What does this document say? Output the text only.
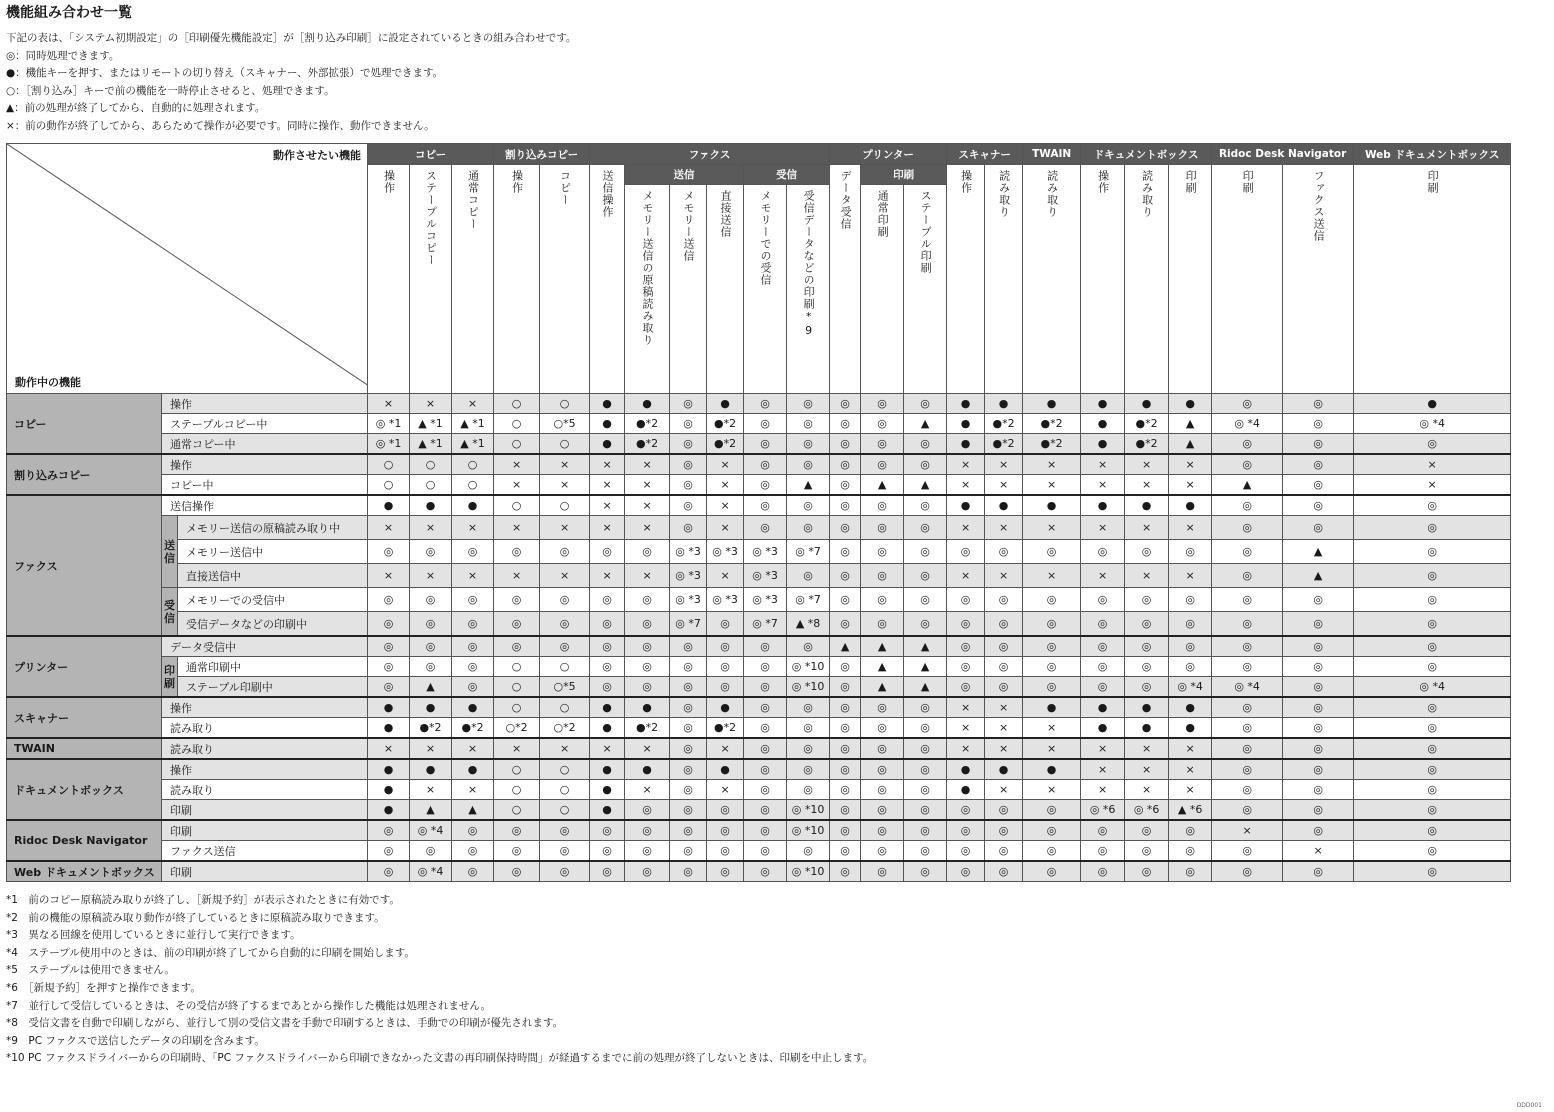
機能組み合わせ一覧
下記の表は、「システム初期設定」の［印刷優先機能設定］が［割り込み印刷］に設定されているときの組み合わせです。
◎：同時処理できます。
●：機能キーを押す、またはリモートの切り替え（スキャナー、外部拡張）で処理できます。
○：［割り込み］キーで前の機能を一時停止させると、処理できます。
▲：前の処理が終了してから、自動的に処理されます。
×：前の動作が終了してから、あらためて操作が必要です。同時に操作、動作できません。
動作させたい機能
動作中の機能			コピー			割り込みコピー		ファクス						プリンター			スキャナー		TWAIN	ドキュメントボックス			Ridoc Desk Navigator		Web ドキュメントボックス
			操作	ステープルコピー	通常コピー	操作	コピー	送信操作	送信			受信		データ受信	印刷		操作	読み取り	読み取り	操作	読み取り	印刷	印刷	ファクス送信	印刷
									メモリー送信の原稿読み取り	メモリー送信	直接送信	メモリーでの受信	受信データなどの印刷*9		通常印刷	ステープル印刷									
コピー	操作		×	×	×	○	○	●	●	◎	●	◎	◎	◎	◎	◎	●	●	●	●	●	●	◎	◎	●
	ステープルコピー中		◎ *1	▲ *1	▲ *1	○	○*5	●	●*2	◎	●*2	◎	◎	◎	◎	▲	●	●*2	●*2	●	●*2	▲	◎ *4	◎	◎ *4
	通常コピー中		◎ *1	▲ *1	▲ *1	○	○	●	●*2	◎	●*2	◎	◎	◎	◎	◎	●	●*2	●*2	●	●*2	▲	◎	◎	◎
割り込みコピー	操作		○	○	○	×	×	×	×	◎	×	◎	◎	◎	◎	◎	×	×	×	×	×	×	◎	◎	×
	コピー中		○	○	○	×	×	×	×	◎	×	◎	▲	◎	▲	▲	×	×	×	×	×	×	▲	◎	×
ファクス	送信操作		●	●	●	○	○	×	×	◎	×	◎	◎	◎	◎	◎	●	●	●	●	●	●	◎	◎	◎
	送信	メモリー送信の原稿読み取り中	×	×	×	×	×	×	×	◎	×	◎	◎	◎	◎	◎	×	×	×	×	×	×	◎	◎	◎
		メモリー送信中	◎	◎	◎	◎	◎	◎	◎	◎ *3	◎ *3	◎ *3	◎ *7	◎	◎	◎	◎	◎	◎	◎	◎	◎	◎	▲	◎
		直接送信中	×	×	×	×	×	×	×	◎ *3	×	◎ *3	◎	◎	◎	◎	×	×	×	×	×	×	◎	▲	◎
	受信	メモリーでの受信中	◎	◎	◎	◎	◎	◎	◎	◎ *3	◎ *3	◎ *3	◎ *7	◎	◎	◎	◎	◎	◎	◎	◎	◎	◎	◎	◎
		受信データなどの印刷中	◎	◎	◎	◎	◎	◎	◎	◎ *7	◎	◎ *7	▲ *8	◎	◎	◎	◎	◎	◎	◎	◎	◎	◎	◎	◎
プリンター	データ受信中		◎	◎	◎	◎	◎	◎	◎	◎	◎	◎	◎	▲	▲	▲	◎	◎	◎	◎	◎	◎	◎	◎	◎
	印刷	通常印刷中	◎	◎	◎	○	○	◎	◎	◎	◎	◎	◎ *10	◎	▲	▲	◎	◎	◎	◎	◎	◎	◎	◎	◎
		ステープル印刷中	◎	▲	◎	○	○*5	◎	◎	◎	◎	◎	◎ *10	◎	▲	▲	◎	◎	◎	◎	◎	◎ *4	◎ *4	◎	◎ *4
スキャナー	操作		●	●	●	○	○	●	●	◎	●	◎	◎	◎	◎	◎	×	×	●	●	●	●	◎	◎	◎
	読み取り		●	●*2	●*2	○*2	○*2	●	●*2	◎	●*2	◎	◎	◎	◎	◎	×	×	×	●	●	●	◎	◎	◎
TWAIN	読み取り		×	×	×	×	×	×	×	◎	×	◎	◎	◎	◎	◎	×	×	×	×	×	×	◎	◎	◎
ドキュメントボックス	操作		●	●	●	○	○	●	●	◎	●	◎	◎	◎	◎	◎	●	●	●	×	×	×	◎	◎	◎
	読み取り		●	×	×	○	○	●	×	◎	×	◎	◎	◎	◎	◎	●	×	×	×	×	×	◎	◎	◎
	印刷		●	▲	▲	○	○	●	◎	◎	◎	◎	◎ *10	◎	◎	◎	◎	◎	◎	◎ *6	◎ *6	▲ *6	◎	◎	◎
Ridoc Desk Navigator	印刷		◎	◎ *4	◎	◎	◎	◎	◎	◎	◎	◎	◎ *10	◎	◎	◎	◎	◎	◎	◎	◎	◎	×	◎	◎
	ファクス送信		◎	◎	◎	◎	◎	◎	◎	◎	◎	◎	◎	◎	◎	◎	◎	◎	◎	◎	◎	◎	◎	×	◎
Web ドキュメントボックス	印刷		◎	◎ *4	◎	◎	◎	◎	◎	◎	◎	◎	◎ *10	◎	◎	◎	◎	◎	◎	◎	◎	◎	◎	◎	◎
*1　前のコピー原稿読み取りが終了し、［新規予約］が表示されたときに有効です。
*2　前の機能の原稿読み取り動作が終了しているときに原稿読み取りできます。
*3　異なる回線を使用しているときに並行して実行できます。
*4　ステープル使用中のときは、前の印刷が終了してから自動的に印刷を開始します。
*5　ステープルは使用できません。
*6　［新規予約］を押すと操作できます。
*7　並行して受信しているときは、その受信が終了するまであとから操作した機能は処理されません。
*8　受信文書を自動で印刷しながら、並行して別の受信文書を手動で印刷するときは、手動での印刷が優先されます。
*9　PC ファクスで送信したデータの印刷を含みます。
*10 PC ファクスドライバーからの印刷時、「PC ファクスドライバーから印刷できなかった文書の再印刷保持時間」が経過するまでに前の処理が終了しないときは、印刷を中止します。
DDD001
